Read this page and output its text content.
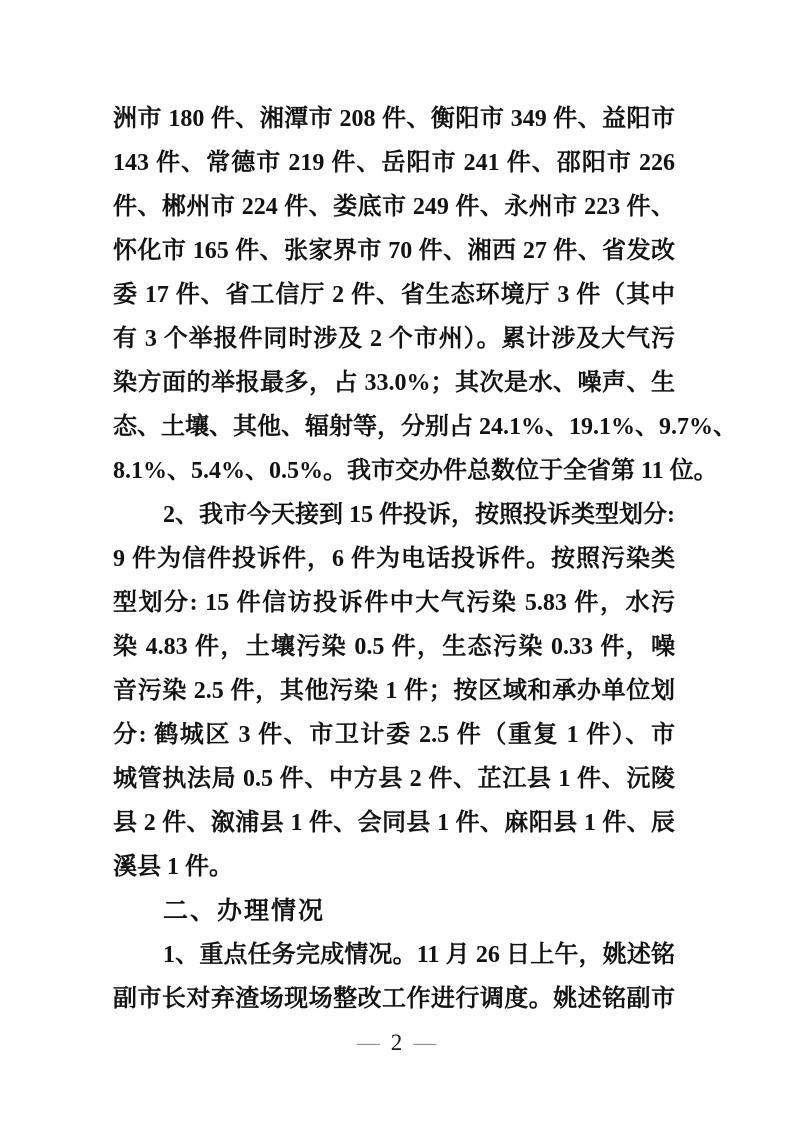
洲市 180 件、湘潭市 208 件、衡阳市 349 件、益阳市
143 件、常德市 219 件、岳阳市 241 件、邵阳市 226
件、郴州市 224 件、娄底市 249 件、永州市 223 件、
怀化市 165 件、张家界市 70 件、湘西 27 件、省发改
委 17 件、省工信厅 2 件、省生态环境厅 3 件（其中
有 3 个举报件同时涉及 2 个市州）。累计涉及大气污
染方面的举报最多，占 33.0%；其次是水、噪声、生
态、土壤、其他、辐射等，分别占 24.1%、19.1%、9.7%、
8.1%、5.4%、0.5%。我市交办件总数位于全省第 11 位。
2、我市今天接到 15 件投诉，按照投诉类型划分:
9 件为信件投诉件，6 件为电话投诉件。按照污染类
型划分: 15 件信访投诉件中大气污染 5.83 件，水污
染 4.83 件，土壤污染 0.5 件，生态污染 0.33 件，噪
音污染 2.5 件，其他污染 1 件；按区域和承办单位划
分: 鹤城区 3 件、市卫计委 2.5 件（重复 1 件）、市
城管执法局 0.5 件、中方县 2 件、芷江县 1 件、沅陵
县 2 件、溆浦县 1 件、会同县 1 件、麻阳县 1 件、辰
溪县 1 件。
二、办理情况
1、重点任务完成情况。11 月 26 日上午，姚述铭
副市长对弃渣场现场整改工作进行调度。姚述铭副市
— 2 —
